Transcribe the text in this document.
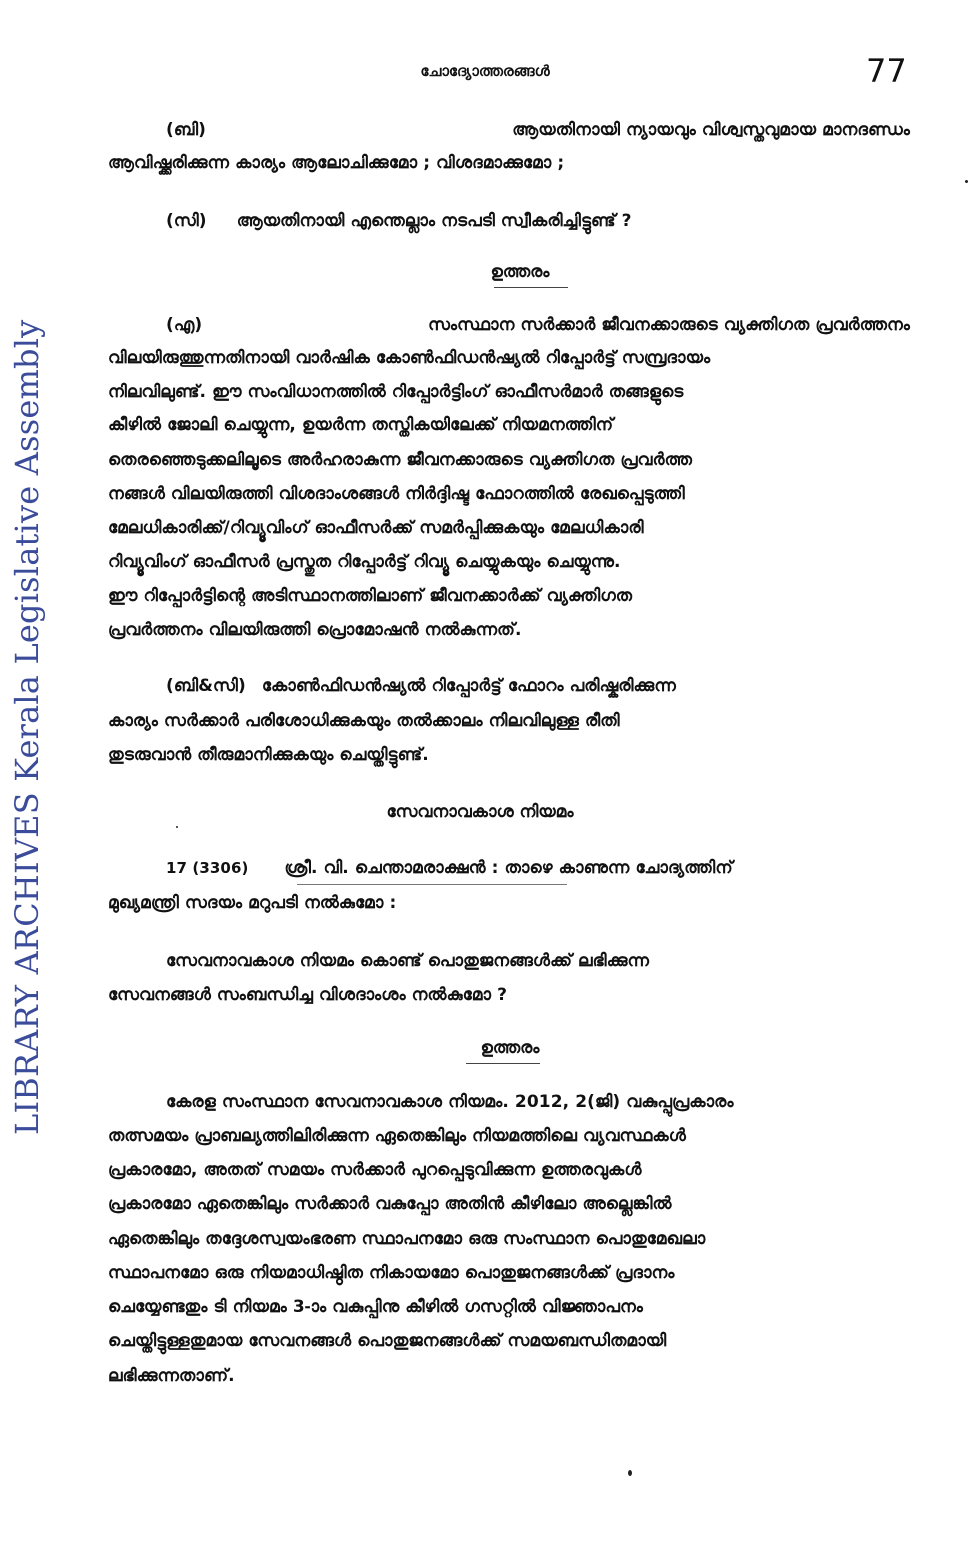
LIBRARY ARCHIVES Kerala Legislative Assembly
ചോദ്യോത്തരങ്ങൾ	77
(ബി)	ആയതിനായി ന്യായവും വിശ്വസ്തവുമായ മാനദണ്ഡം
ആവിഷ്ക്കരിക്കുന്ന കാര്യം ആലോചിക്കുമോ ; വിശദമാക്കുമോ ;
(സി) ആയതിനായി എന്തെല്ലാം നടപടി സ്വീകരിച്ചിട്ടുണ്ട് ?
ഉത്തരം
(എ)	സംസ്ഥാന സർക്കാർ ജീവനക്കാരുടെ വ്യക്തിഗത പ്രവർത്തനം
വിലയിരുത്തുന്നതിനായി വാർഷിക കോൺഫിഡൻഷ്യൽ റിപ്പോർട്ട് സമ്പ്രദായം
നിലവിലുണ്ട്. ഈ സംവിധാനത്തിൽ റിപ്പോർട്ടിംഗ് ഓഫീസർമാർ തങ്ങളുടെ
കീഴിൽ ജോലി ചെയ്യുന്ന, ഉയർന്ന തസ്തികയിലേക്ക് നിയമനത്തിന്
തെരഞ്ഞെടുക്കലിലൂടെ അർഹരാകുന്ന ജീവനക്കാരുടെ വ്യക്തിഗത പ്രവർത്ത
നങ്ങൾ വിലയിരുത്തി വിശദാംശങ്ങൾ നിർദ്ദിഷ്ട ഫോറത്തിൽ രേഖപ്പെടുത്തി
മേലധികാരിക്ക്/റിവ്യൂവിംഗ് ഓഫീസർക്ക് സമർപ്പിക്കുകയും മേലധികാരി
റിവ്യൂവിംഗ് ഓഫീസർ പ്രസ്തുത റിപ്പോർട്ട് റിവ്യൂ ചെയ്യുകയും ചെയ്യുന്നു.
ഈ റിപ്പോർട്ടിന്റെ അടിസ്ഥാനത്തിലാണ് ജീവനക്കാർക്ക് വ്യക്തിഗത
പ്രവർത്തനം വിലയിരുത്തി പ്രൊമോഷൻ നൽകുന്നത്.
(ബി&സി) കോൺഫിഡൻഷ്യൽ റിപ്പോർട്ട് ഫോറം പരിഷ്കരിക്കുന്ന
കാര്യം സർക്കാർ പരിശോധിക്കുകയും തൽക്കാലം നിലവിലുള്ള രീതി
തുടരുവാൻ തീരുമാനിക്കുകയും ചെയ്തിട്ടുണ്ട്.
സേവനാവകാശ നിയമം
17 (3306) ശ്രീ. വി. ചെന്താമരാക്ഷൻ : താഴെ കാണുന്ന ചോദ്യത്തിന്
മുഖ്യമന്ത്രി സദയം മറുപടി നൽകുമോ :
സേവനാവകാശ നിയമം കൊണ്ട് പൊതുജനങ്ങൾക്ക് ലഭിക്കുന്ന
സേവനങ്ങൾ സംബന്ധിച്ച വിശദാംശം നൽകുമോ ?
ഉത്തരം
കേരള സംസ്ഥാന സേവനാവകാശ നിയമം. 2012, 2(ജി) വകുപ്പുപ്രകാരം
തത്സമയം പ്രാബല്യത്തിലിരിക്കുന്ന ഏതെങ്കിലും നിയമത്തിലെ വ്യവസ്ഥകൾ
പ്രകാരമോ, അതത് സമയം സർക്കാർ പുറപ്പെടുവിക്കുന്ന ഉത്തരവുകൾ
പ്രകാരമോ ഏതെങ്കിലും സർക്കാർ വകുപ്പോ അതിൻ കീഴിലോ അല്ലെങ്കിൽ
ഏതെങ്കിലും തദ്ദേശസ്വയംഭരണ സ്ഥാപനമോ ഒരു സംസ്ഥാന പൊതുമേഖലാ
സ്ഥാപനമോ ഒരു നിയമാധിഷ്ഠിത നികായമോ പൊതുജനങ്ങൾക്ക് പ്രദാനം
ചെയ്യേണ്ടതും ടി നിയമം 3-ാം വകുപ്പിനു കീഴിൽ ഗസറ്റിൽ വിജ്ഞാപനം
ചെയ്തിട്ടുള്ളതുമായ സേവനങ്ങൾ പൊതുജനങ്ങൾക്ക് സമയബന്ധിതമായി
ലഭിക്കുന്നതാണ്.
